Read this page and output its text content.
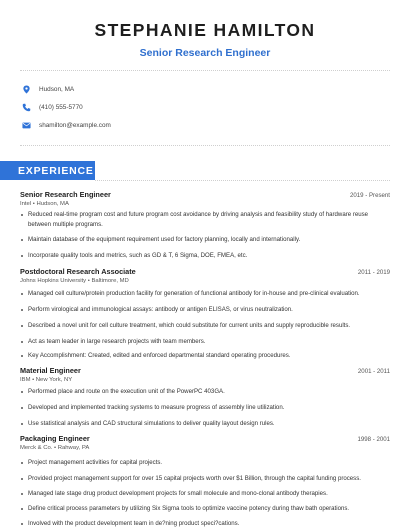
STEPHANIE HAMILTON
Senior Research Engineer
Hudson, MA
(410) 555-5770
shamilton@example.com
EXPERIENCE
Senior Research Engineer	2019 - Present
Intel • Hudson, MA
Reduced real-time program cost and future program cost avoidance by driving analysis and feasibility study of hardware reuse between multiple programs.
Maintain database of the equipment requirement used for factory planning, locally and internationally.
Incorporate quality tools and metrics, such as GD & T, 6 Sigma, DOE, FMEA, etc.
Postdoctoral Research Associate	2011 - 2019
Johns Hopkins University • Baltimore, MD
Managed cell culture/protein production facility for generation of functional antibody for in-house and pre-clinical evaluation.
Perform virological and immunological assays: antibody or antigen ELISAS, or virus neutralization.
Described a novel unit for cell culture treatment, which could substitute for current units and supply reproducible results.
Act as team leader in large research projects with team members.
Key Accomplishment: Created, edited and enforced departmental standard operating procedures.
Material Engineer	2001 - 2011
IBM • New York, NY
Performed place and route on the execution unit of the PowerPC 403GA.
Developed and implemented tracking systems to measure progress of assembly line utilization.
Use statistical analysis and CAD structural simulations to deliver quality layout design rules.
Packaging Engineer	1998 - 2001
Merck & Co. • Rahway, PA
Project management activities for capital projects.
Provided project management support for over 15 capital projects worth over $1 Billion, through the capital funding process.
Managed late stage drug product development projects for small molecule and mono-clonal antibody therapies.
Define critical process parameters by utilizing Six Sigma tools to optimize vaccine potency during thaw bath operations.
Involved with the product development team in de?ning product speci?cations.
